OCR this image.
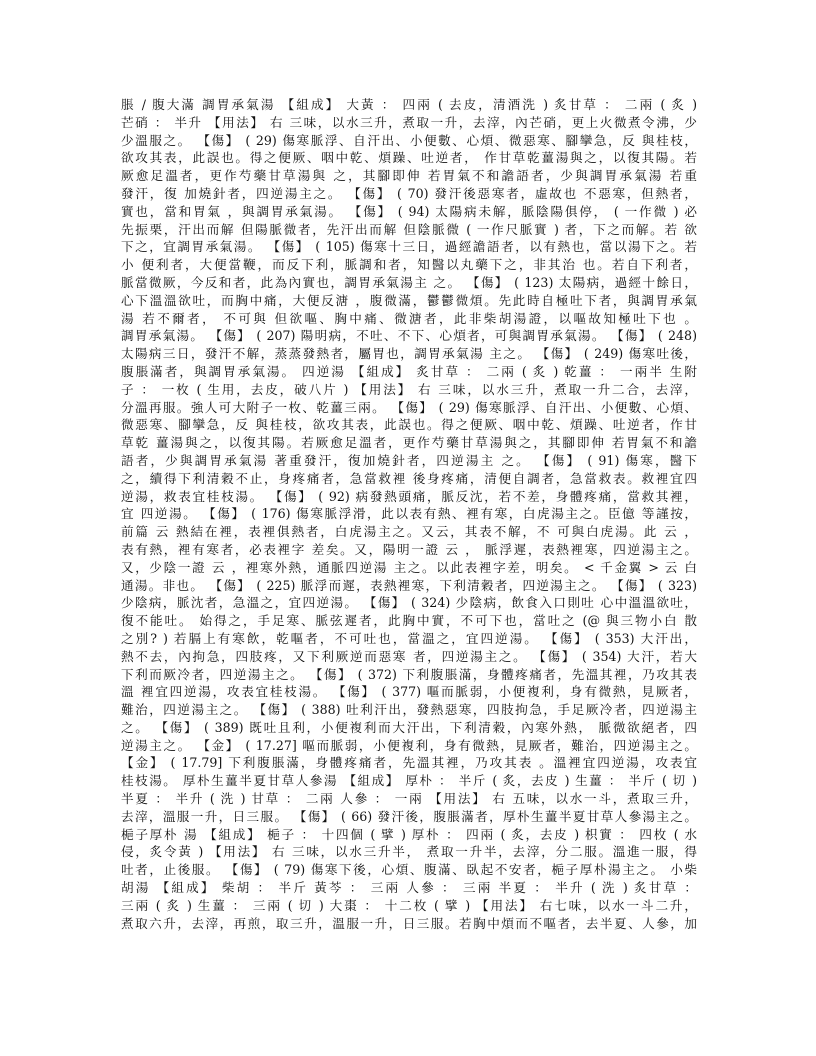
脹 / 腹大滿 調胃承氣湯 【組成】 大黃 ： 四兩 ( 去皮，清酒洗 ) 炙甘草 ： 二兩 ( 炙 )
芒硝 ： 半升 【用法】 右 三味，以水三升，煮取一升，去滓，內芒硝，更上火微煮令沸，少
少溫服之。 【傷】 ( 29) 傷寒脈浮、自汗出、小便數、心煩、微惡寒、腳攣急，反 與桂枝，
欲攻其表，此誤也。得之便厥、咽中乾、煩躁、吐逆者， 作甘草乾薑湯與之，以復其陽。若
厥愈足溫者，更作芍藥甘草湯與 之，其腳即伸 若胃氣不和譫語者，少與調胃承氣湯 若重
發汗，復 加燒針者，四逆湯主之。 【傷】 ( 70) 發汗後惡寒者，虛故也 不惡寒，但熱者，
實也，當和胃氣 ，與調胃承氣湯。 【傷】 ( 94) 太陽病未解，脈陰陽俱停， ( 一作微 ) 必
先振栗，汗出而解 但陽脈微者，先汗出而解 但陰脈微 ( 一作尺脈實 ) 者，下之而解。若 欲
下之，宜調胃承氣湯。 【傷】 ( 105) 傷寒十三日，過經譫語者，以有熱也，當以湯下之。若
小 便利者，大便當鞭，而反下利，脈調和者，知醫以丸藥下之，非其治 也。若自下利者，
脈當微厥，今反和者，此為內實也，調胃承氣湯主 之。 【傷】 ( 123) 太陽病，過經十餘日，
心下溫溫欲吐，而胸中痛，大便反溏 ，腹微滿，鬱鬱微煩。先此時自極吐下者，與調胃承氣
湯 若不爾者， 不可與 但欲嘔、胸中痛、微溏者，此非柴胡湯證，以嘔故知極吐下也 。
調胃承氣湯。 【傷】 ( 207) 陽明病，不吐、不下、心煩者，可與調胃承氣湯。 【傷】 ( 248)
太陽病三日，發汗不解，蒸蒸發熱者，屬胃也，調胃承氣湯 主之。 【傷】 ( 249) 傷寒吐後，
腹脹滿者，與調胃承氣湯。 四逆湯 【組成】 炙甘草 ： 二兩 ( 炙 ) 乾薑 ： 一兩半 生附
子 ： 一枚 ( 生用，去皮，破八片 ) 【用法】 右 三味，以水三升，煮取一升二合，去滓，
分溫再服。強人可大附子一枚、乾薑三兩。 【傷】 ( 29) 傷寒脈浮、自汗出、小便數、心煩、
微惡寒、腳攣急，反 與桂枝，欲攻其表，此誤也。得之便厥、咽中乾、煩躁、吐逆者，作甘
草乾 薑湯與之，以復其陽。若厥愈足溫者，更作芍藥甘草湯與之，其腳即伸 若胃氣不和譫
語者，少與調胃承氣湯 著重發汗，復加燒針者，四逆湯主 之。 【傷】 ( 91) 傷寒，醫下
之，續得下利清穀不止，身疼痛者，急當救裡 後身疼痛，清便自調者，急當救表。救裡宜四
逆湯，救表宜桂枝湯。 【傷】 ( 92) 病發熱頭痛，脈反沈，若不差，身體疼痛，當救其裡，
宜 四逆湯。 【傷】 ( 176) 傷寒脈浮滑，此以表有熱、裡有寒，白虎湯主之。臣億 等謹按，
前篇 云 熱結在裡，表裡俱熱者，白虎湯主之。又云，其表不解，不 可與白虎湯。此 云 ，
表有熱，裡有寒者，必表裡字 差矣。又，陽明一證 云 ， 脈浮遲，表熱裡寒，四逆湯主之。
又，少陰一證 云 ，裡寒外熱，通脈四逆湯 主之。以此表裡字差，明矣。 < 千金翼 > 云 白
通湯。非也。 【傷】 ( 225) 脈浮而遲，表熱裡寒，下利清穀者，四逆湯主之。 【傷】 ( 323)
少陰病，脈沈者，急溫之，宜四逆湯。 【傷】 ( 324) 少陰病，飲食入口則吐 心中溫溫欲吐，
復不能吐。 始得之，手足寒、脈弦遲者，此胸中實，不可下也，當吐之 (@ 與三物小白 散
之別? ) 若膈上有寒飲，乾嘔者，不可吐也，當溫之，宜四逆湯。 【傷】 ( 353) 大汗出，
熱不去，內拘急，四肢疼，又下利厥逆而惡寒 者，四逆湯主之。 【傷】 ( 354) 大汗，若大
下利而厥冷者，四逆湯主之。 【傷】 ( 372) 下利腹脹滿，身體疼痛者，先溫其裡，乃攻其表
溫 裡宜四逆湯，攻表宜桂枝湯。 【傷】 ( 377) 嘔而脈弱，小便複利，身有微熱，見厥者，
難治，四逆湯主之。 【傷】 ( 388) 吐利汗出，發熱惡寒，四肢拘急，手足厥冷者，四逆湯主
之。 【傷】 ( 389) 既吐且利，小便複利而大汗出，下利清穀，內寒外熱， 脈微欲絕者，四
逆湯主之。 【金】 ( 17.27] 嘔而脈弱，小便複利，身有微熱，見厥者，難治，四逆湯主之。
【金】 ( 17.79] 下利腹脹滿，身體疼痛者，先溫其裡，乃攻其表 。溫裡宜四逆湯，攻表宜
桂枝湯。 厚朴生薑半夏甘草人參湯 【組成】 厚朴 ： 半斤 ( 炙，去皮 ) 生薑 ： 半斤 ( 切 )
半夏 ： 半升 ( 洗 ) 甘草 ： 二兩 人參 ： 一兩 【用法】 右 五味，以水一斗，煮取三升，
去滓，溫服一升，日三服。 【傷】 ( 66) 發汗後，腹脹滿者，厚朴生薑半夏甘草人參湯主之。
梔子厚朴 湯 【組成】 梔子 ： 十四個 ( 擘 ) 厚朴 ： 四兩 ( 炙，去皮 ) 枳實 ： 四枚 ( 水
侵，炙令黃 ) 【用法】 右 三味，以水三升半， 煮取一升半，去滓，分二服。溫進一服，得
吐者，止後服。 【傷】 ( 79) 傷寒下後，心煩、腹滿、臥起不安者，梔子厚朴湯主之。 小柴
胡湯 【組成】 柴胡 ： 半斤 黃芩 ： 三兩 人參 ： 三兩 半夏 ： 半升 ( 洗 ) 炙甘草 ：
三兩 ( 炙 ) 生薑 ： 三兩 ( 切 ) 大棗 ： 十二枚 ( 擘 ) 【用法】 右七味，以水一斗二升，
煮取六升，去滓，再煎，取三升，溫服一升，日三服。若胸中煩而不嘔者，去半夏、人參，加
